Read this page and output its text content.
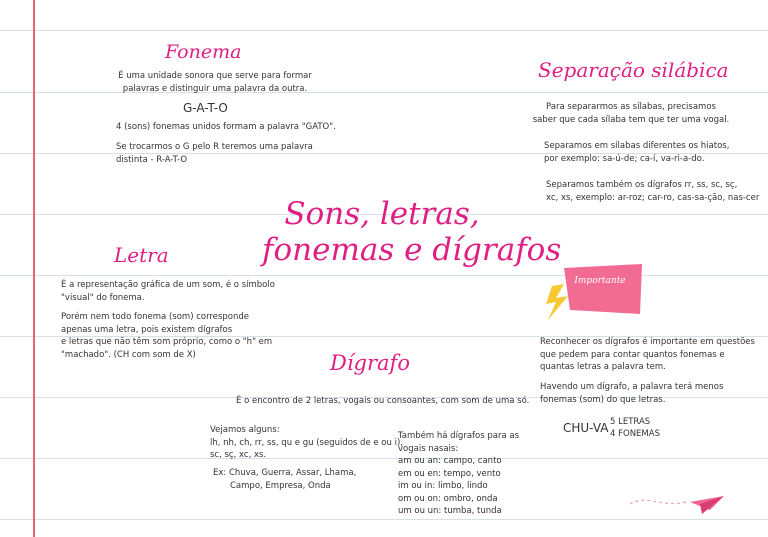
Sons, letras,
fonemas e dígrafos
Fonema
É uma unidade sonora que serve para formar
palavras e distinguir uma palavra da outra.
G-A-T-O
4 (sons) fonemas unidos formam a palavra "GATO".
Se trocarmos o G pelo R teremos uma palavra
distinta - R-A-T-O
Separação silábica
Para separarmos as sílabas, precisamos
saber que cada sílaba tem que ter uma vogal.
Separamos em sílabas diferentes os hiatos,
por exemplo: sa-ú-de; ca-í, va-ri-a-do.
Separamos também os dígrafos rr, ss, sc, sç,
xc, xs, exemplo: ar-roz; car-ro, cas-sa-ção, nas-cer
Letra
É a representação gráfica de um som, é o símbolo
"visual" do fonema.
Porém nem todo fonema (som) corresponde
apenas uma letra, pois existem dígrafos
e letras que não têm som próprio, como o "h" em
"machado". (CH com som de X)
Importante
Reconhecer os dígrafos é importante em questões
que pedem para contar quantos fonemas e
quantas letras a palavra tem.
Havendo um dígrafo, a palavra terá menos
fonemas (som) do que letras.
CHU-VA 5 LETRAS
4 FONEMAS
Dígrafo
É o encontro de 2 letras, vogais ou consoantes, com som de uma só.
Vejamos alguns:
lh, nh, ch, rr, ss, qu e gu (seguidos de e ou i),
sc, sç, xc, xs.
Ex: Chuva, Guerra, Assar, Lhama,
Campo, Empresa, Onda
Também há dígrafos para as
vogais nasais:
am ou an: campo, canto
em ou en: tempo, vento
im ou in: limbo, lindo
om ou on: ombro, onda
um ou un: tumba, tunda
